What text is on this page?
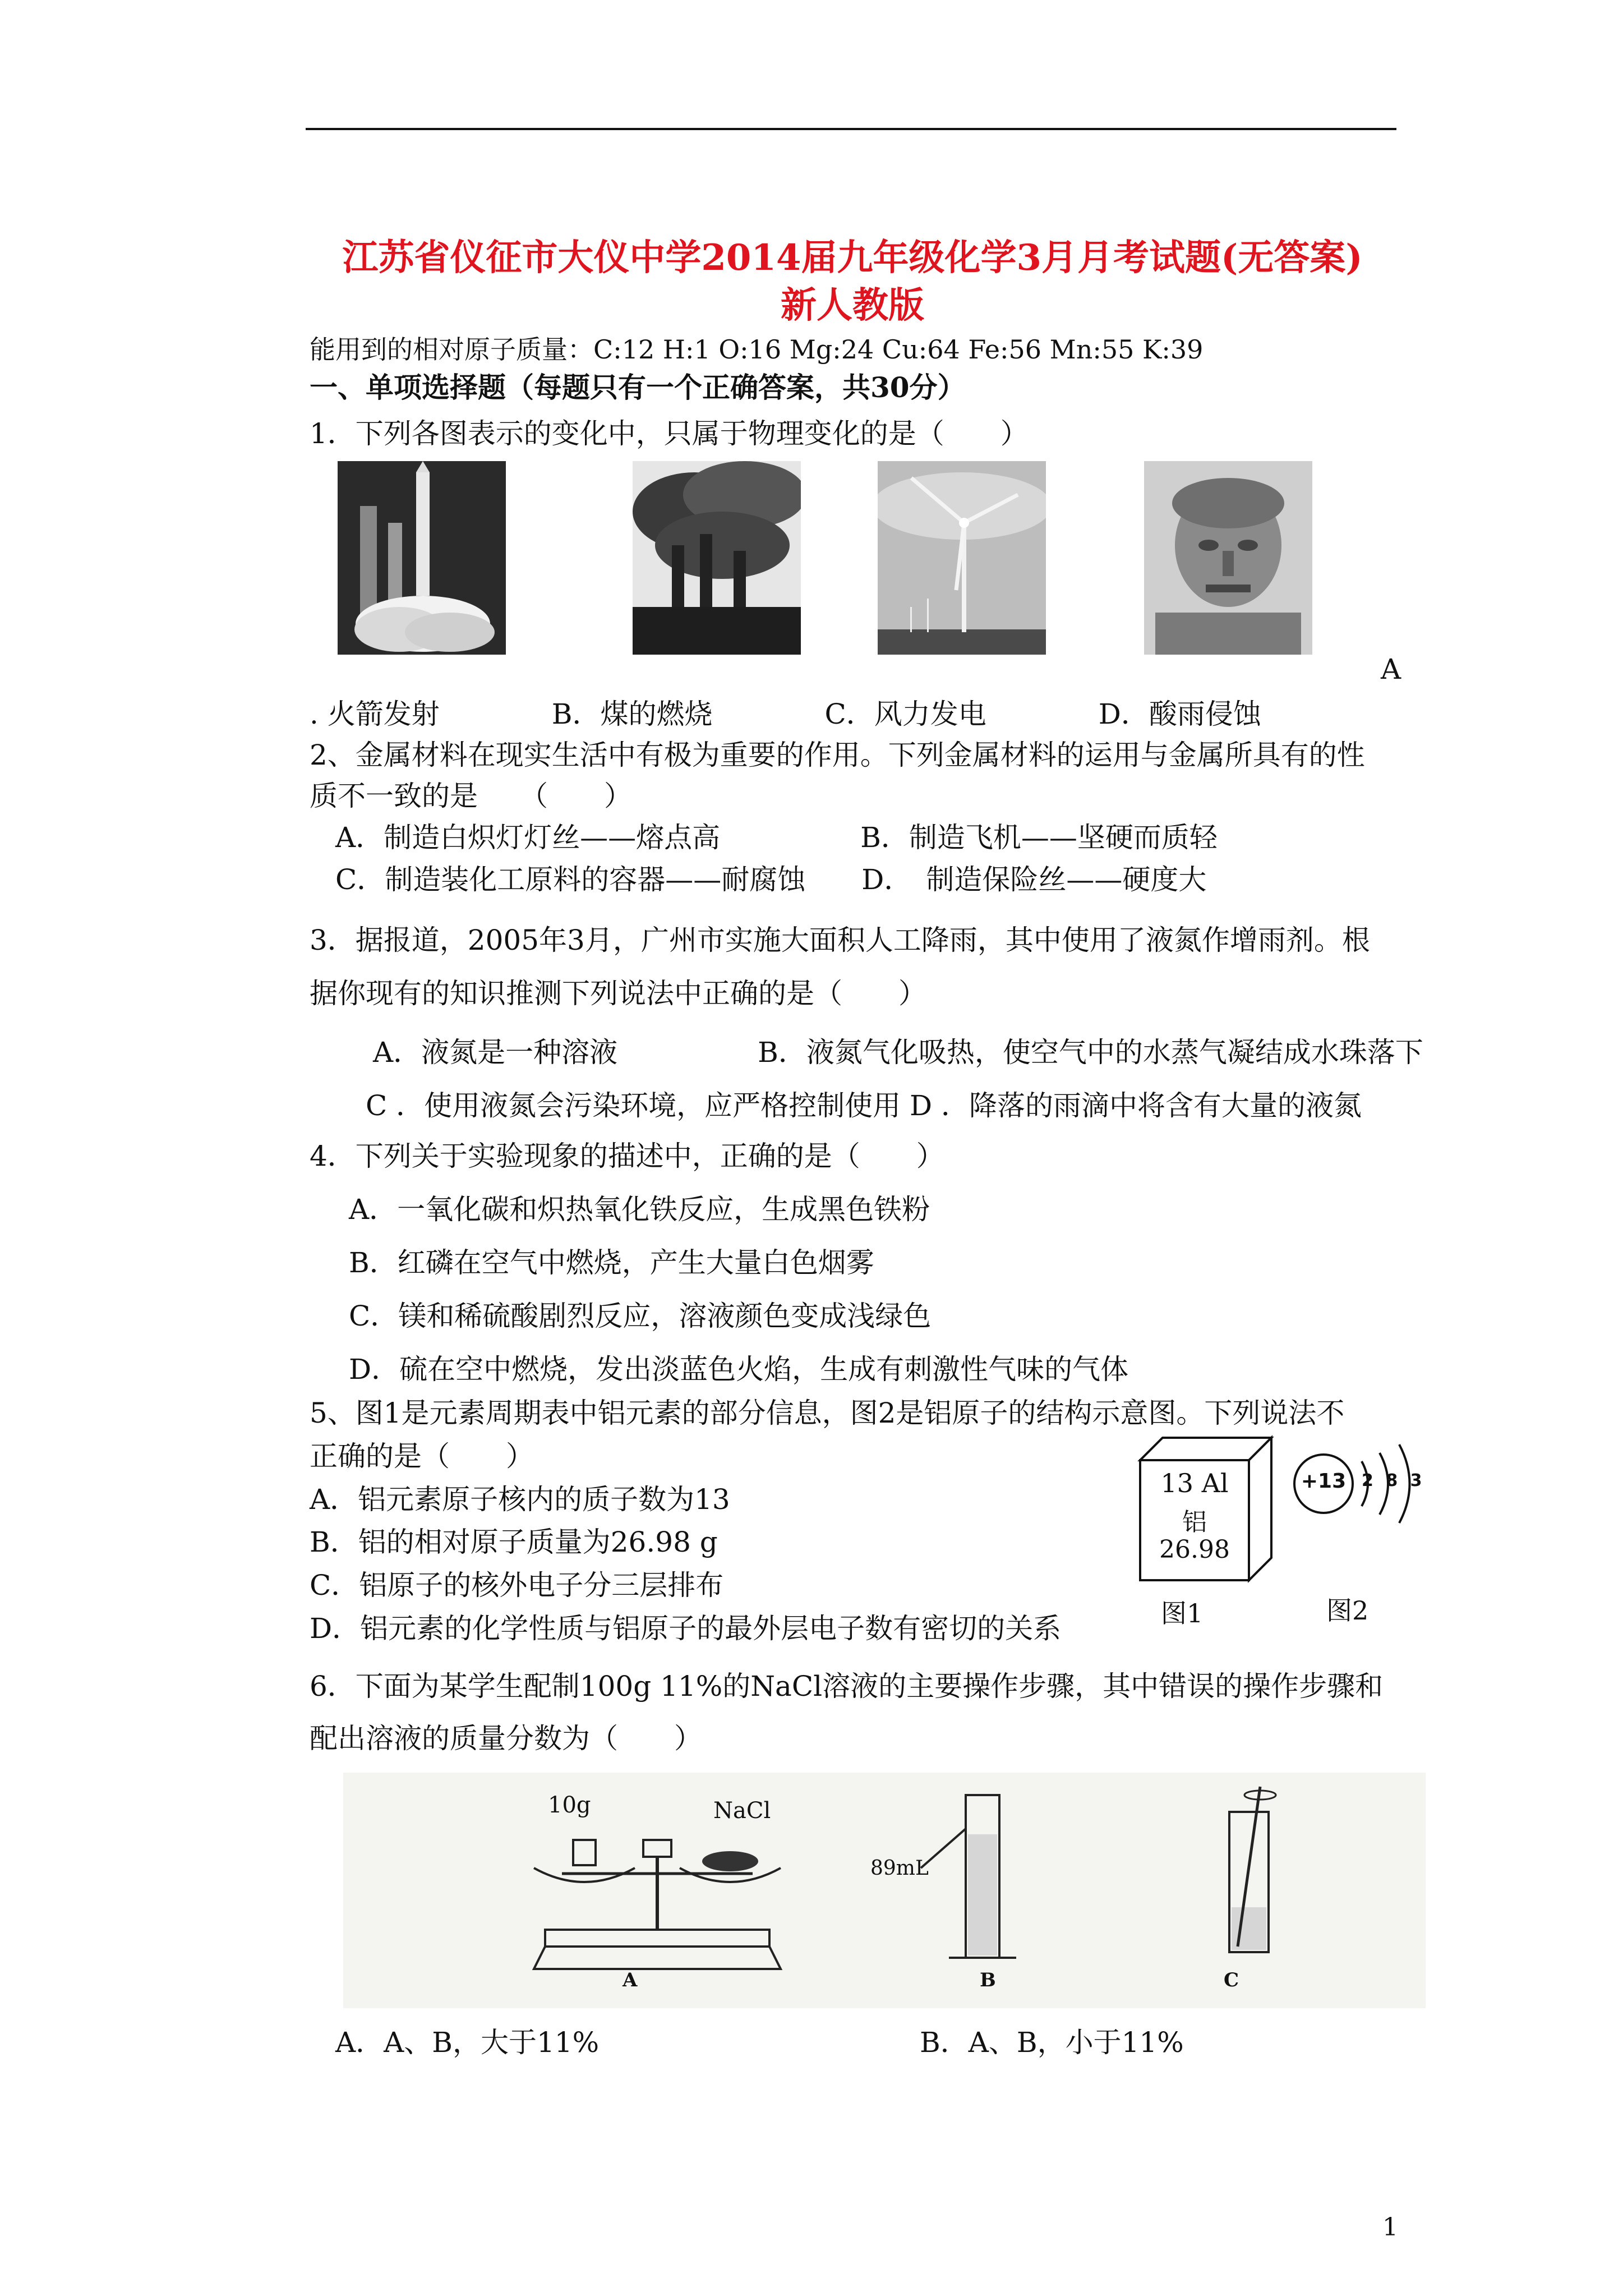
江苏省仪征市大仪中学2014届九年级化学3月月考试题(无答案)
新人教版
能用到的相对原子质量：C:12 H:1 O:16 Mg:24 Cu:64 Fe:56 Mn:55 K:39
一、单项选择题（每题只有一个正确答案，共30分）
1．下列各图表示的变化中，只属于物理变化的是（　　）
A
. 火箭发射　　　　B．煤的燃烧　　　　C．风力发电　　　　D．酸雨侵蚀
2、金属材料在现实生活中有极为重要的作用。下列金属材料的运用与金属所具有的性
质不一致的是　　（　　）
A．制造白炽灯灯丝——熔点高　　　　　B．制造飞机——坚硬而质轻
C．制造装化工原料的容器——耐腐蚀　　D．　制造保险丝——硬度大
3．据报道，2005年3月，广州市实施大面积人工降雨，其中使用了液氮作增雨剂。根
据你现有的知识推测下列说法中正确的是（　　）
A．液氮是一种溶液　　　　　B．液氮气化吸热，使空气中的水蒸气凝结成水珠落下
C ．使用液氮会污染环境，应严格控制使用 D ．降落的雨滴中将含有大量的液氮
4．下列关于实验现象的描述中，正确的是（　　）
A．一氧化碳和炽热氧化铁反应，生成黑色铁粉
B．红磷在空气中燃烧，产生大量白色烟雾
C．镁和稀硫酸剧烈反应，溶液颜色变成浅绿色
D．硫在空中燃烧，发出淡蓝色火焰，生成有刺激性气味的气体
5、图1是元素周期表中铝元素的部分信息，图2是铝原子的结构示意图。下列说法不
正确的是（　　）
A．铝元素原子核内的质子数为13
B．铝的相对原子质量为26.98 g
C．铝原子的核外电子分三层排布
D．铝元素的化学性质与铝原子的最外层电子数有密切的关系
13 Al
铝
26.98
图1
+13 2 8 3
图2
6．下面为某学生配制100g 11%的NaCl溶液的主要操作步骤，其中错误的操作步骤和
配出溶液的质量分数为（　　）
10g	NaCl
A
89mL
B	C
A．A、B，大于11%	B．A、B，小于11%
1
